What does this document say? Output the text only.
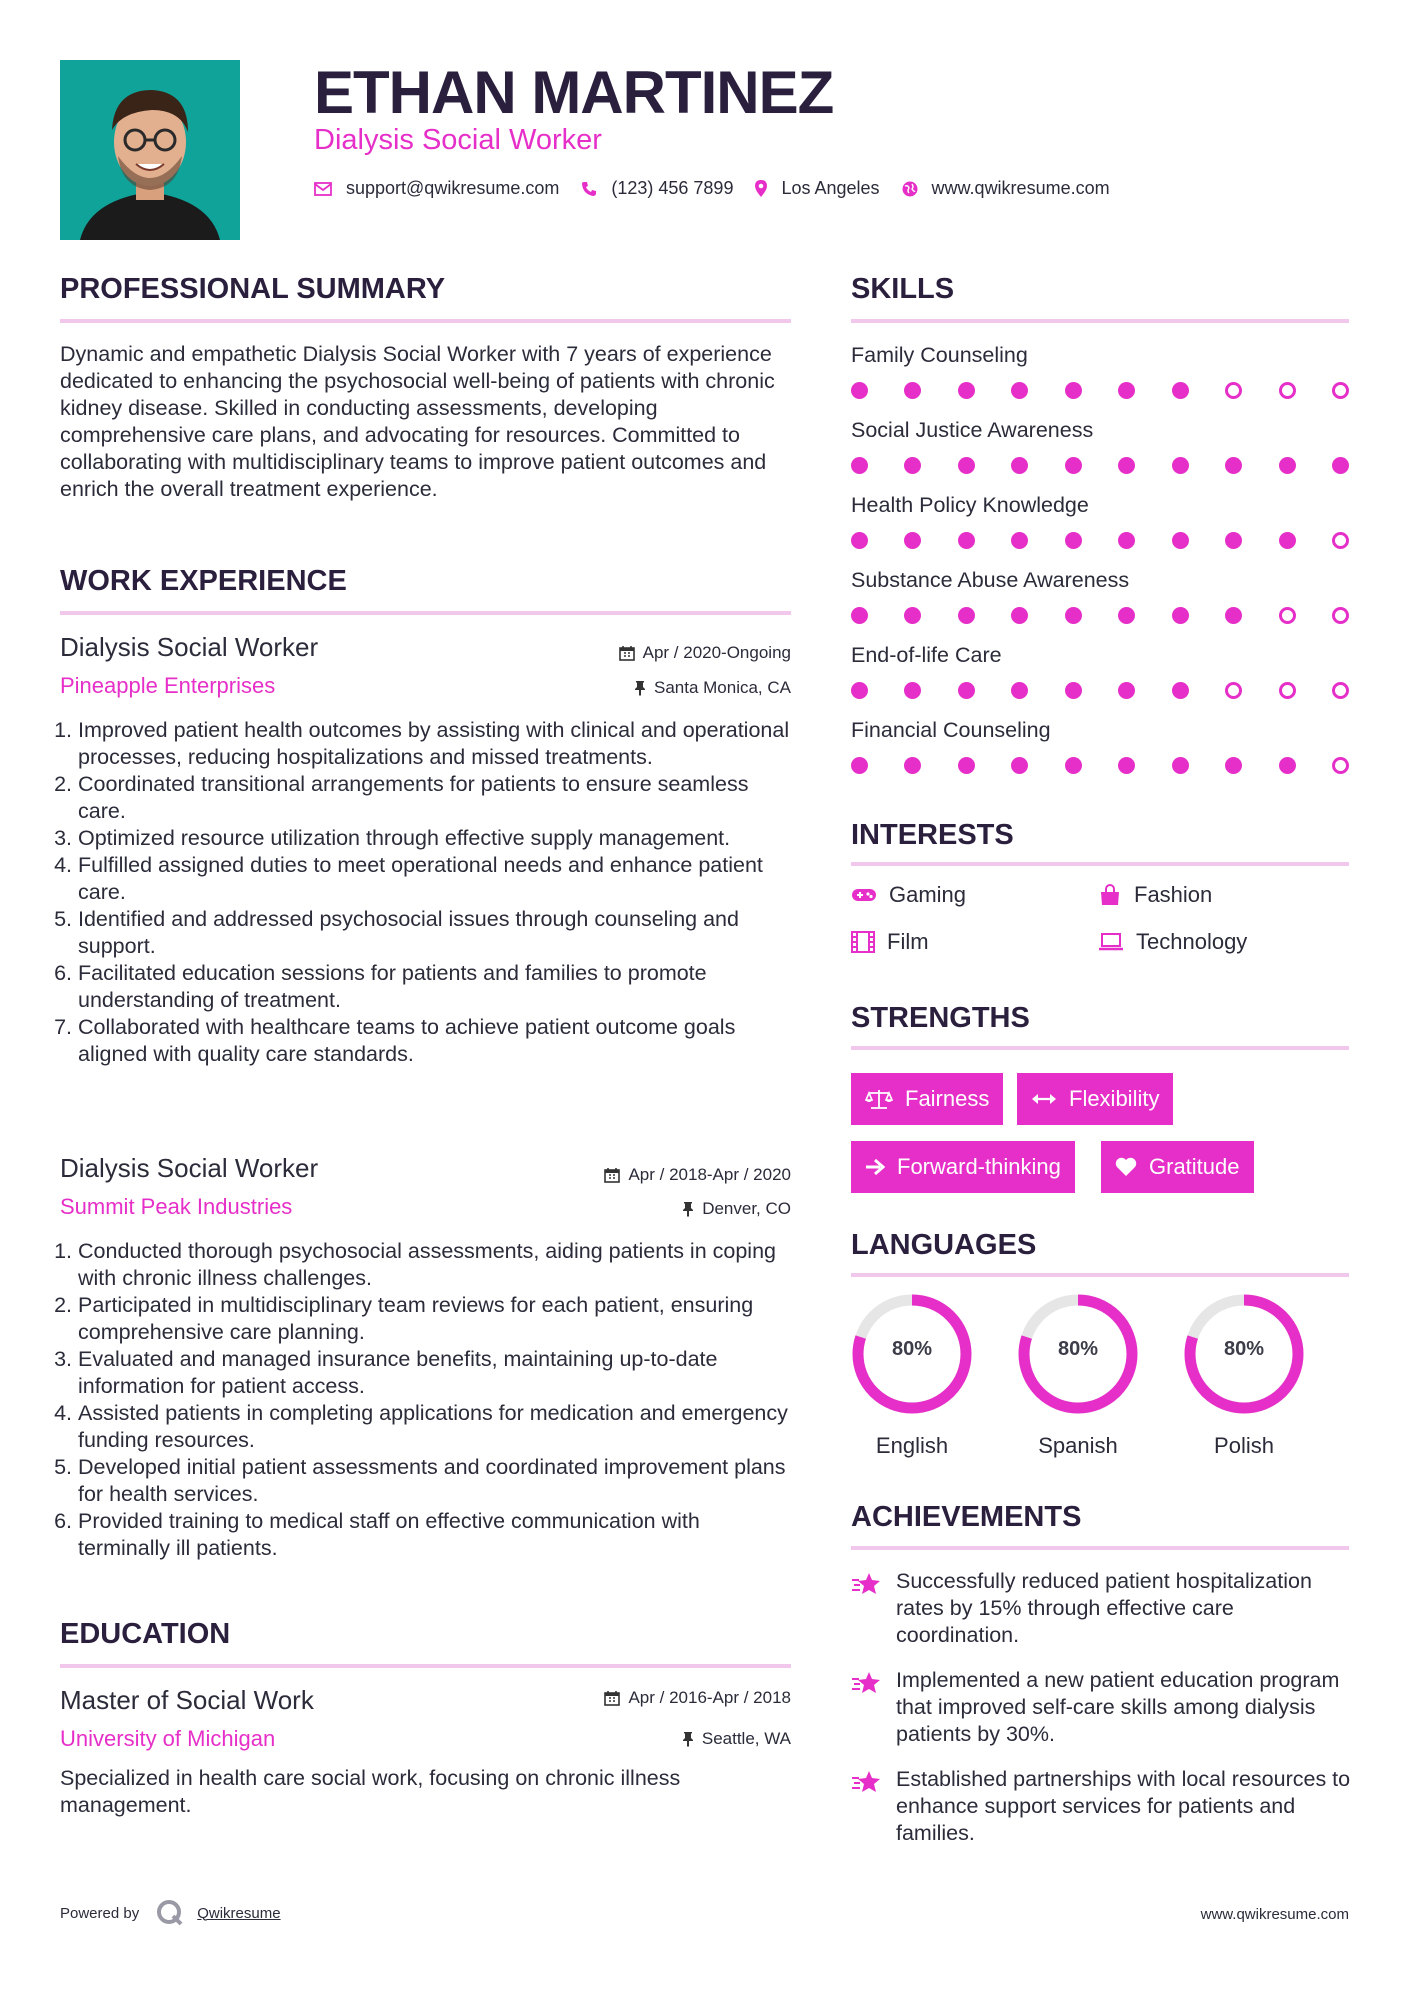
ETHAN MARTINEZ
Dialysis Social Worker
support@qwikresume.com	(123) 456 7899	Los Angeles	www.qwikresume.com
PROFESSIONAL SUMMARY
Dynamic and empathetic Dialysis Social Worker with 7 years of experience dedicated to enhancing the psychosocial well-being of patients with chronic kidney disease. Skilled in conducting assessments, developing comprehensive care plans, and advocating for resources. Committed to collaborating with multidisciplinary teams to improve patient outcomes and enrich the overall treatment experience.
WORK EXPERIENCE
Dialysis Social Worker	Apr / 2020-Ongoing
Pineapple Enterprises	Santa Monica, CA
1. Improved patient health outcomes by assisting with clinical and operational processes, reducing hospitalizations and missed treatments.
2. Coordinated transitional arrangements for patients to ensure seamless care.
3. Optimized resource utilization through effective supply management.
4. Fulfilled assigned duties to meet operational needs and enhance patient care.
5. Identified and addressed psychosocial issues through counseling and support.
6. Facilitated education sessions for patients and families to promote understanding of treatment.
7. Collaborated with healthcare teams to achieve patient outcome goals aligned with quality care standards.
Dialysis Social Worker	Apr / 2018-Apr / 2020
Summit Peak Industries	Denver, CO
1. Conducted thorough psychosocial assessments, aiding patients in coping with chronic illness challenges.
2. Participated in multidisciplinary team reviews for each patient, ensuring comprehensive care planning.
3. Evaluated and managed insurance benefits, maintaining up-to-date information for patient access.
4. Assisted patients in completing applications for medication and emergency funding resources.
5. Developed initial patient assessments and coordinated improvement plans for health services.
6. Provided training to medical staff on effective communication with terminally ill patients.
EDUCATION
Master of Social Work	Apr / 2016-Apr / 2018
University of Michigan	Seattle, WA
Specialized in health care social work, focusing on chronic illness management.
SKILLS
Family Counseling
Social Justice Awareness
Health Policy Knowledge
Substance Abuse Awareness
End-of-life Care
Financial Counseling
INTERESTS
Gaming	Fashion
Film	Technology
STRENGTHS
Fairness	Flexibility
Forward-thinking	Gratitude
LANGUAGES
80%
English
80%
Spanish
80%
Polish
ACHIEVEMENTS
Successfully reduced patient hospitalization rates by 15% through effective care coordination.
Implemented a new patient education program that improved self-care skills among dialysis patients by 30%.
Established partnerships with local resources to enhance support services for patients and families.
Powered by	Qwikresume	www.qwikresume.com
